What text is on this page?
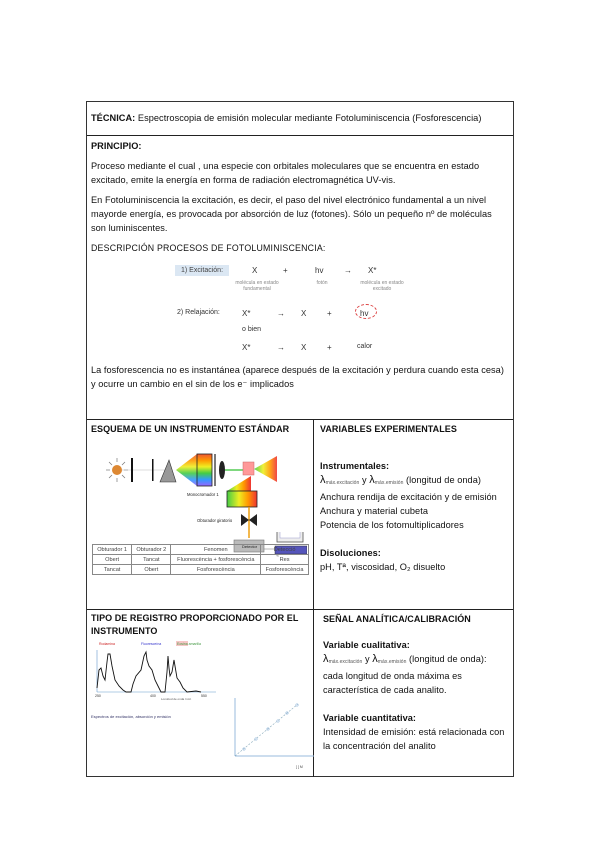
TÉCNICA: Espectroscopia de emisión molecular mediante Fotoluminiscencia (Fosforescencia)

PRINCIPIO:

Proceso mediante el cual , una especie con orbitales moleculares que se encuentra en estado excitado, emite la energía en forma de radiación electromagnética UV-vis.

En Fotoluminiscencia la excitación, es decir, el paso del nivel electrónico fundamental a un nivel mayorde energía, es provocada por absorción de luz (fotones). Sólo un pequeño nº de moléculas son luminiscentes.

DESCRIPCIÓN PROCESOS DE FOTOLUMINISCENCIA:

1) Excitación:	X	+	hv	→ X*
molécula en estado fundamental
fotón	molécula en estado excitado
2) Relajación:	X*	→ X	+	hv
o bien
X*	→ X	+	calor
La fosforescencia no es instantánea (aparece después de la excitación y perdura cuando esta cesa) y ocurre un cambio en el sin de los e⁻ implicados
ESQUEMA DE UN INSTRUMENTO ESTÁNDAR
Monocromador 1
Obturador giratorio
Detector
Obturador 1	Obturador 2	Fenomen	Detecció
Obert	Tancat	Fluorescència + fosforescència	Res
Tancat	Obert	Fosforescència	Fosforescència
VARIABLES EXPERIMENTALES
Instrumentales:
$\lambda_{máx.excitación}$ y $\lambda_{máx.emisión}$ (longitud de onda)
Anchura rendija de excitación y de emisión
Anchura y material cubeta
Potencia de los fotomultiplicadores
Disoluciones:
pH, Tª, viscosidad, O₂ disuelto
TIPO DE REGISTRO PROPORCIONADO POR EL INSTRUMENTO
Rodamina	Fluoresceína	Eosina amarilla
250	400	550
Longitud de onda (nm)
Espectros de excitación, absorción y emisión
[ ] M
SEÑAL ANALÍTICA/CALIBRACIÓN
Variable cualitativa:
$\lambda_{máx.excitación}$ y $\lambda_{máx.emisión}$ (longitud de onda):
cada longitud de onda máxima es característica de cada analito.
Variable cuantitativa:
Intensidad de emisión: está relacionada con la concentración del analito
